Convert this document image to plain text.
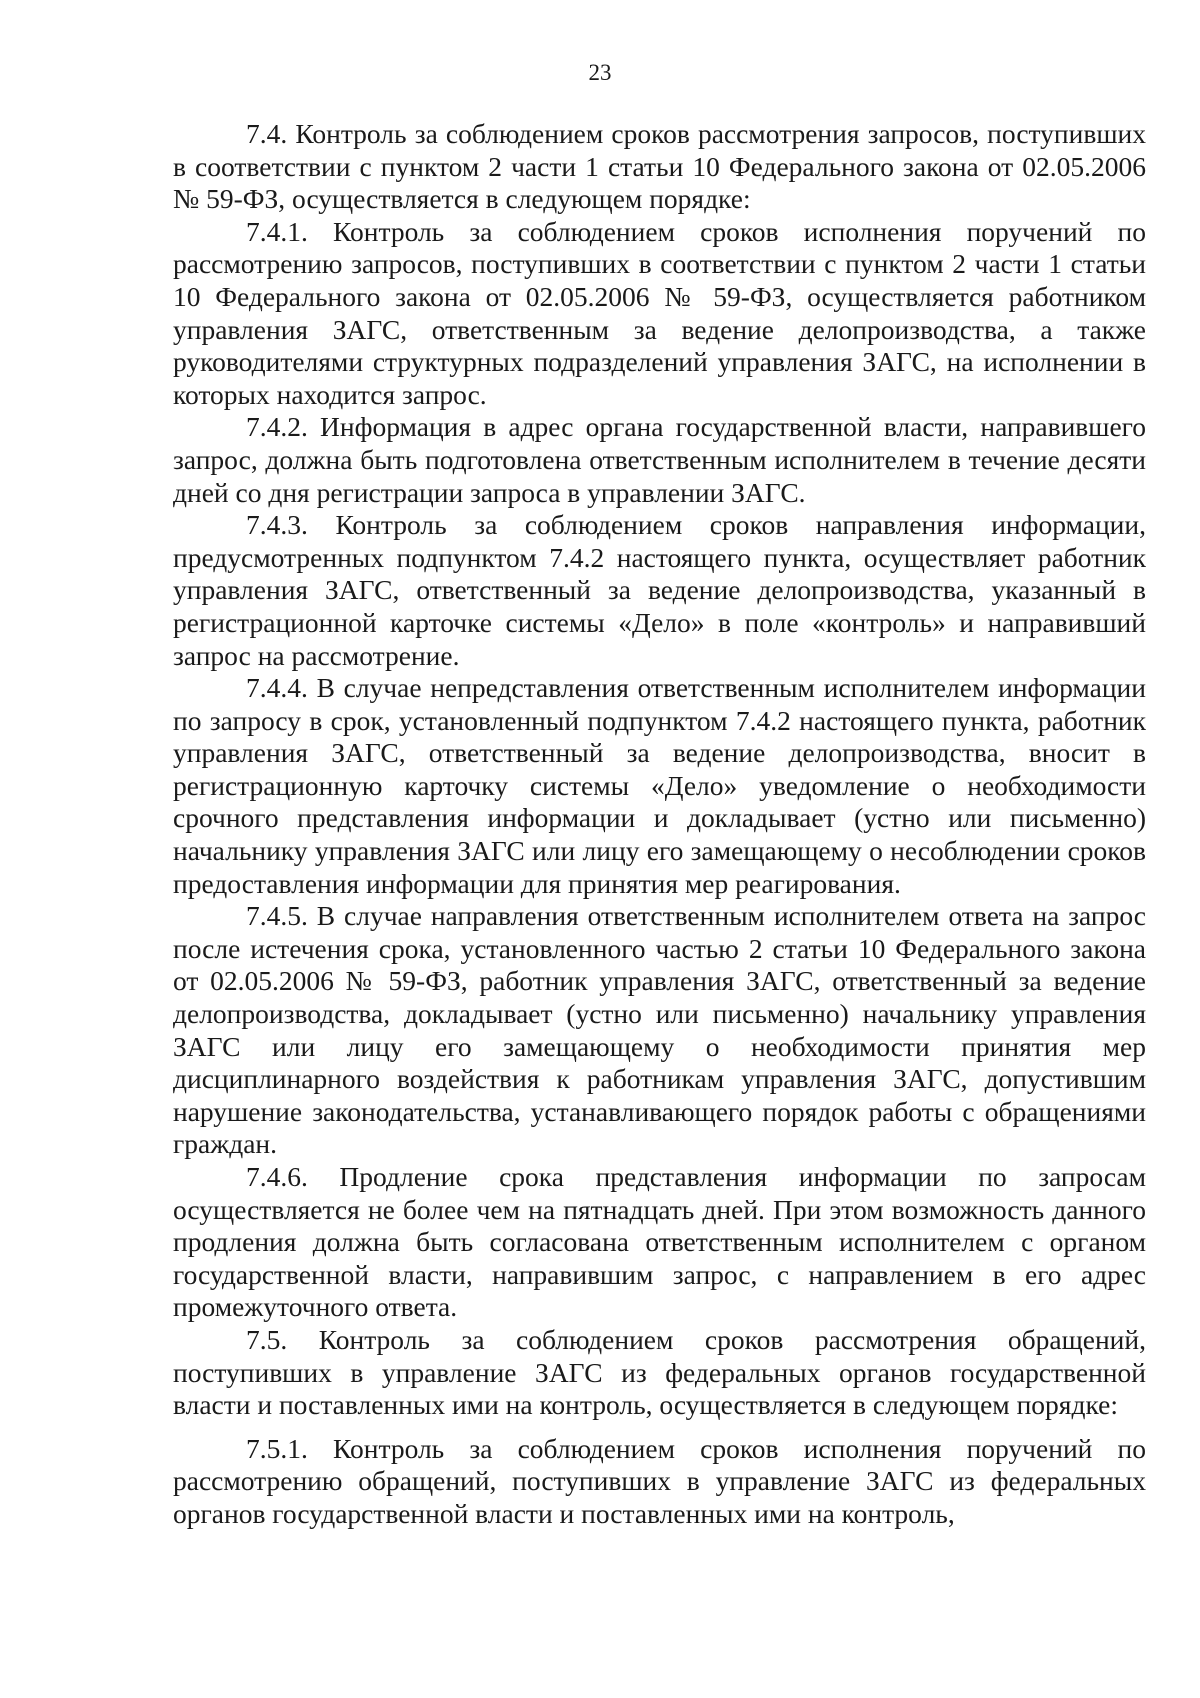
23

7.4. Контроль за соблюдением сроков рассмотрения запросов, поступивших в соответствии с пунктом 2 части 1 статьи 10 Федерального закона от 02.05.2006 № 59-ФЗ, осуществляется в следующем порядке:

7.4.1. Контроль за соблюдением сроков исполнения поручений по рассмотрению запросов, поступивших в соответствии с пунктом 2 части 1 статьи 10 Федерального закона от 02.05.2006 № 59-ФЗ, осуществляется работником управления ЗАГС, ответственным за ведение делопроизводства, а также руководителями структурных подразделений управления ЗАГС, на исполнении в которых находится запрос.

7.4.2. Информация в адрес органа государственной власти, направившего запрос, должна быть подготовлена ответственным исполнителем в течение десяти дней со дня регистрации запроса в управлении ЗАГС.

7.4.3. Контроль за соблюдением сроков направления информации, предусмотренных подпунктом 7.4.2 настоящего пункта, осуществляет работник управления ЗАГС, ответственный за ведение делопроизводства, указанный в регистрационной карточке системы «Дело» в поле «контроль» и направивший запрос на рассмотрение.

7.4.4. В случае непредставления ответственным исполнителем информации по запросу в срок, установленный подпунктом 7.4.2 настоящего пункта, работник управления ЗАГС, ответственный за ведение делопроизводства, вносит в регистрационную карточку системы «Дело» уведомление о необходимости срочного представления информации и докладывает (устно или письменно) начальнику управления ЗАГС или лицу его замещающему о несоблюдении сроков предоставления информации для принятия мер реагирования.

7.4.5. В случае направления ответственным исполнителем ответа на запрос после истечения срока, установленного частью 2 статьи 10 Федерального закона от 02.05.2006 № 59-ФЗ, работник управления ЗАГС, ответственный за ведение делопроизводства, докладывает (устно или письменно) начальнику управления ЗАГС или лицу его замещающему о необходимости принятия мер дисциплинарного воздействия к работникам управления ЗАГС, допустившим нарушение законодательства, устанавливающего порядок работы с обращениями граждан.

7.4.6. Продление срока представления информации по запросам осуществляется не более чем на пятнадцать дней. При этом возможность данного продления должна быть согласована ответственным исполнителем с органом государственной власти, направившим запрос, с направлением в его адрес промежуточного ответа.

7.5. Контроль за соблюдением сроков рассмотрения обращений, поступивших в управление ЗАГС из федеральных органов государственной власти и поставленных ими на контроль, осуществляется в следующем порядке:

7.5.1. Контроль за соблюдением сроков исполнения поручений по рассмотрению обращений, поступивших в управление ЗАГС из федеральных органов государственной власти и поставленных ими на контроль,
